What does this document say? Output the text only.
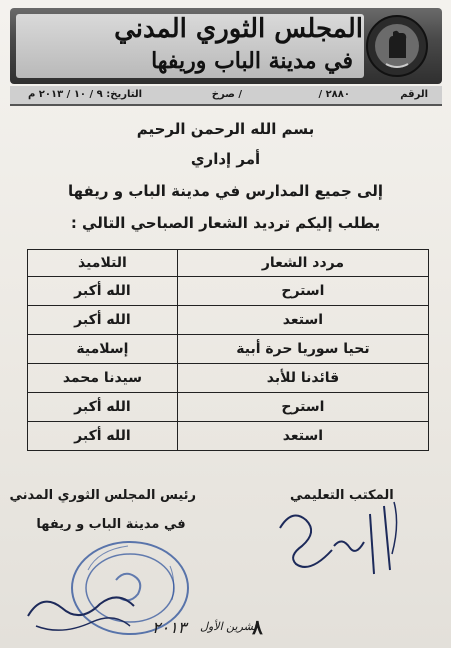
المجلس الثوري المدني
في مدينة الباب وريفها
الرقم
٢٨٨٠ /
/ صرخ
التاريخ: ٩ / ١٠ / ٢٠١٣ م
بسم الله الرحمن الرحيم
أمر إداري
إلى جميع المدارس في مدينة الباب و ريفها
يطلب إليكم ترديد الشعار الصباحي التالي :
مردد الشعار	التلاميذ
استرح	الله أكبر
استعد	الله أكبر
تحيا سوريا حرة أبية	إسلامية
قائدنا للأبد	سيدنا محمد
استرح	الله أكبر
استعد	الله أكبر
رئيس المجلس الثوري المدني
في مدينة الباب و ريفها
المكتب التعليمي
٨
تشرين الأول
٢٠١٣
